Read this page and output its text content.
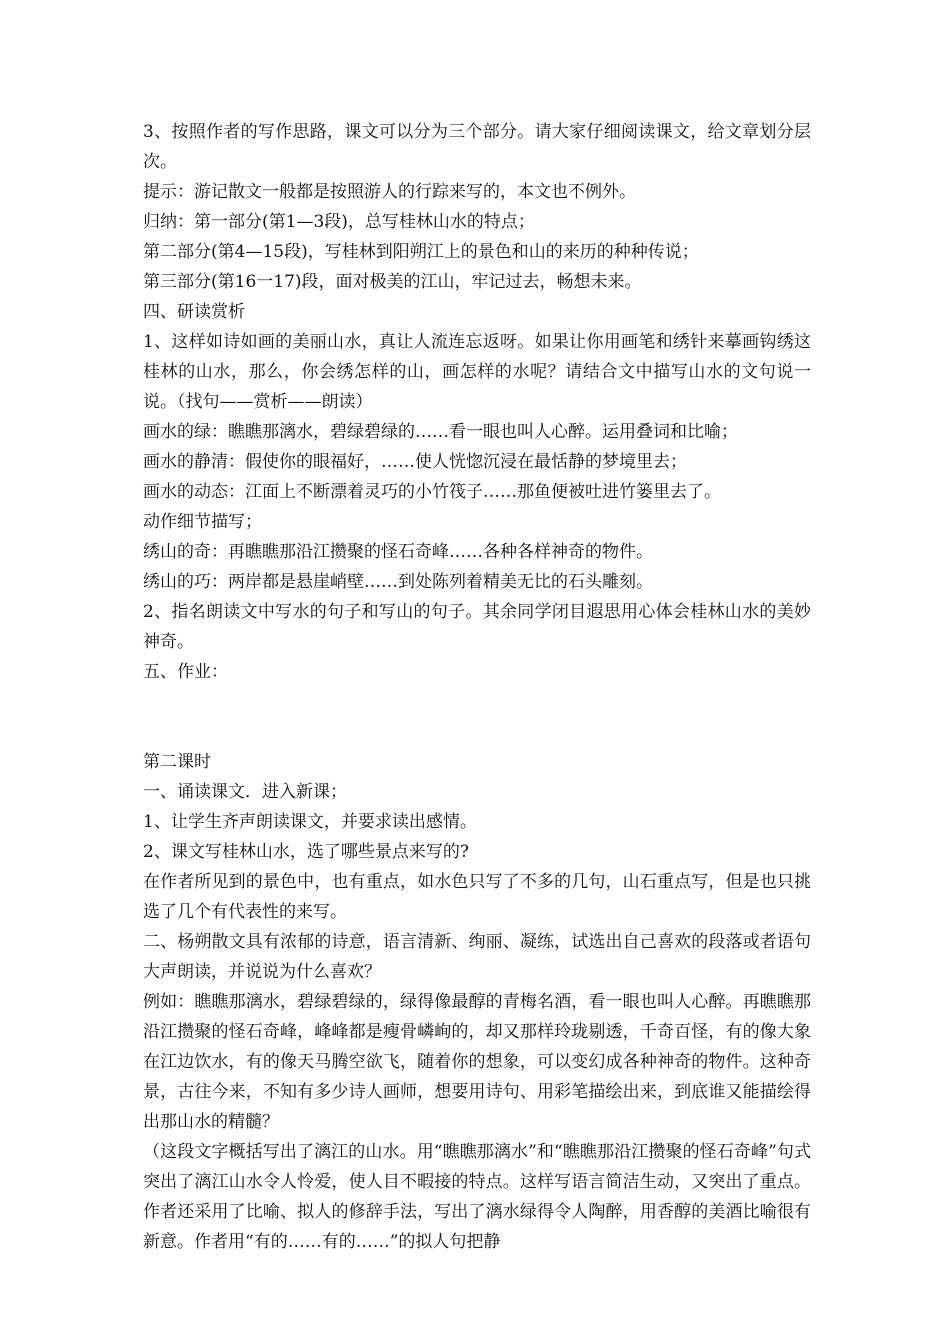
3、按照作者的写作思路，课文可以分为三个部分。请大家仔细阅读课文，给文章划分层次。

提示：游记散文一般都是按照游人的行踪来写的，本文也不例外。

归纳：第一部分(第1—3段)，总写桂林山水的特点；

第二部分(第4—15段)，写桂林到阳朔江上的景色和山的来历的种种传说；

第三部分(第16一17)段，面对极美的江山，牢记过去，畅想未来。

四、研读赏析

1、这样如诗如画的美丽山水，真让人流连忘返呀。如果让你用画笔和绣针来摹画钩绣这桂林的山水，那么，你会绣怎样的山，画怎样的水呢？请结合文中描写山水的文句说一说。（找句——赏析——朗读）

画水的绿：瞧瞧那漓水，碧绿碧绿的……看一眼也叫人心醉。运用叠词和比喻；

画水的静清：假使你的眼福好，……使人恍惚沉浸在最恬静的梦境里去；

画水的动态：江面上不断漂着灵巧的小竹筏子……那鱼便被吐进竹篓里去了。

动作细节描写；

绣山的奇：再瞧瞧那沿江攒聚的怪石奇峰……各种各样神奇的物件。

绣山的巧：两岸都是悬崖峭壁……到处陈列着精美无比的石头雕刻。

2、指名朗读文中写水的句子和写山的句子。其余同学闭目遐思用心体会桂林山水的美妙神奇。

五、作业：

第二课时

一、诵读课文．进入新课；

1、让学生齐声朗读课文，并要求读出感情。

2、课文写桂林山水，选了哪些景点来写的?

在作者所见到的景色中，也有重点，如水色只写了不多的几句，山石重点写，但是也只挑选了几个有代表性的来写。

二、杨朔散文具有浓郁的诗意，语言清新、绚丽、凝练，试选出自己喜欢的段落或者语句大声朗读，并说说为什么喜欢？

例如：瞧瞧那漓水，碧绿碧绿的，绿得像最醇的青梅名酒，看一眼也叫人心醉。再瞧瞧那沿江攒聚的怪石奇峰，峰峰都是瘦骨嶙峋的，却又那样玲珑剔透，千奇百怪，有的像大象在江边饮水，有的像天马腾空欲飞，随着你的想象，可以变幻成各种神奇的物件。这种奇景，古往今来，不知有多少诗人画师，想要用诗句、用彩笔描绘出来，到底谁又能描绘得出那山水的精髓？

（这段文字概括写出了漓江的山水。用“瞧瞧那漓水”和“瞧瞧那沿江攒聚的怪石奇峰”句式突出了漓江山水令人怜爱，使人目不暇接的特点。这样写语言简洁生动，又突出了重点。作者还采用了比喻、拟人的修辞手法，写出了漓水绿得令人陶醉，用香醇的美酒比喻很有新意。作者用“有的……有的……”的拟人句把静
